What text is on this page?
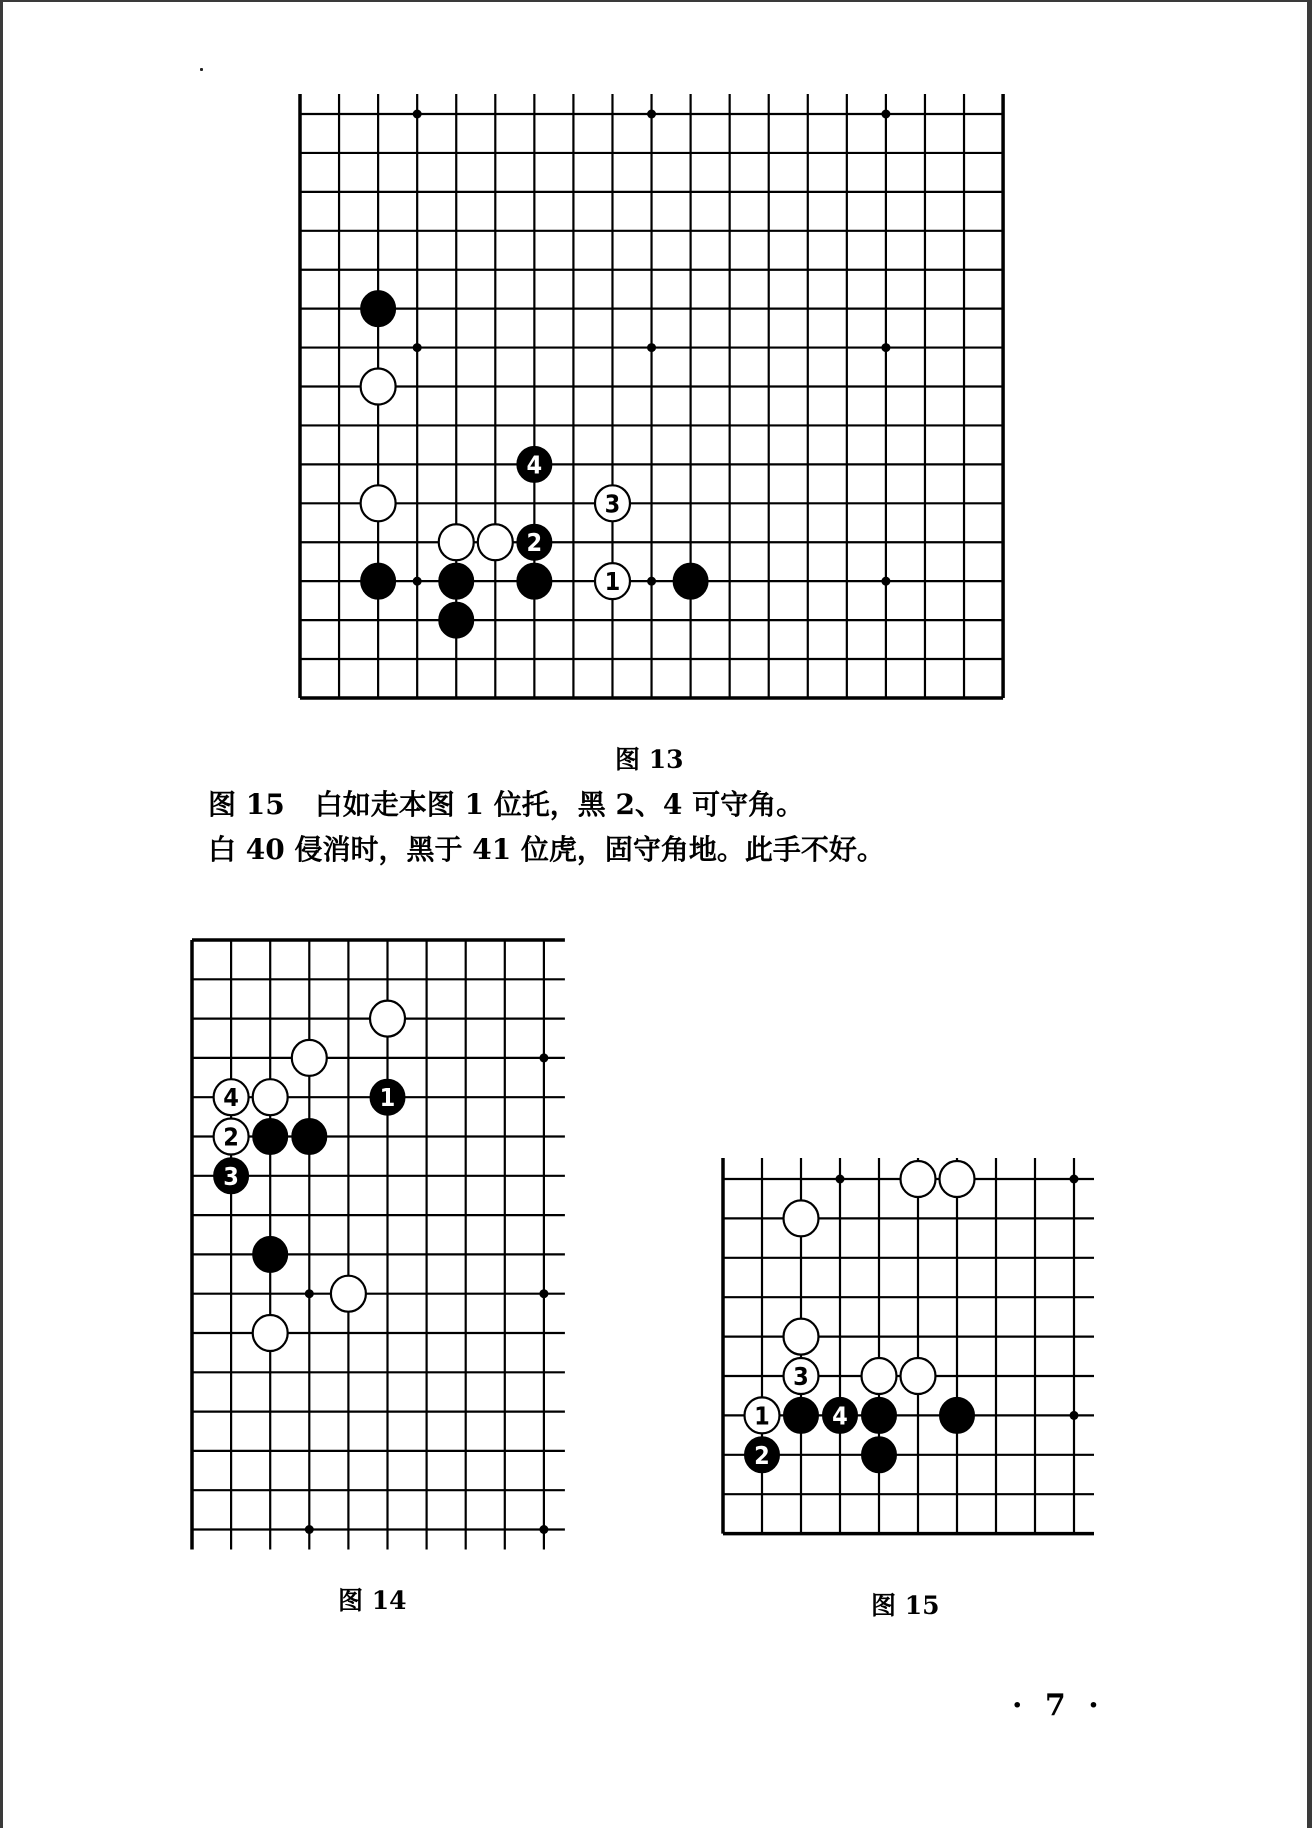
2
4
1
3
图 13
图 15 白如走本图 1 位托，黑 2、4 可守角。
白 40 侵消时，黑于 41 位虎，固守角地。此手不好。
4	1
2
3
图 14
3
1 4
2
图 15
· 7 ·
